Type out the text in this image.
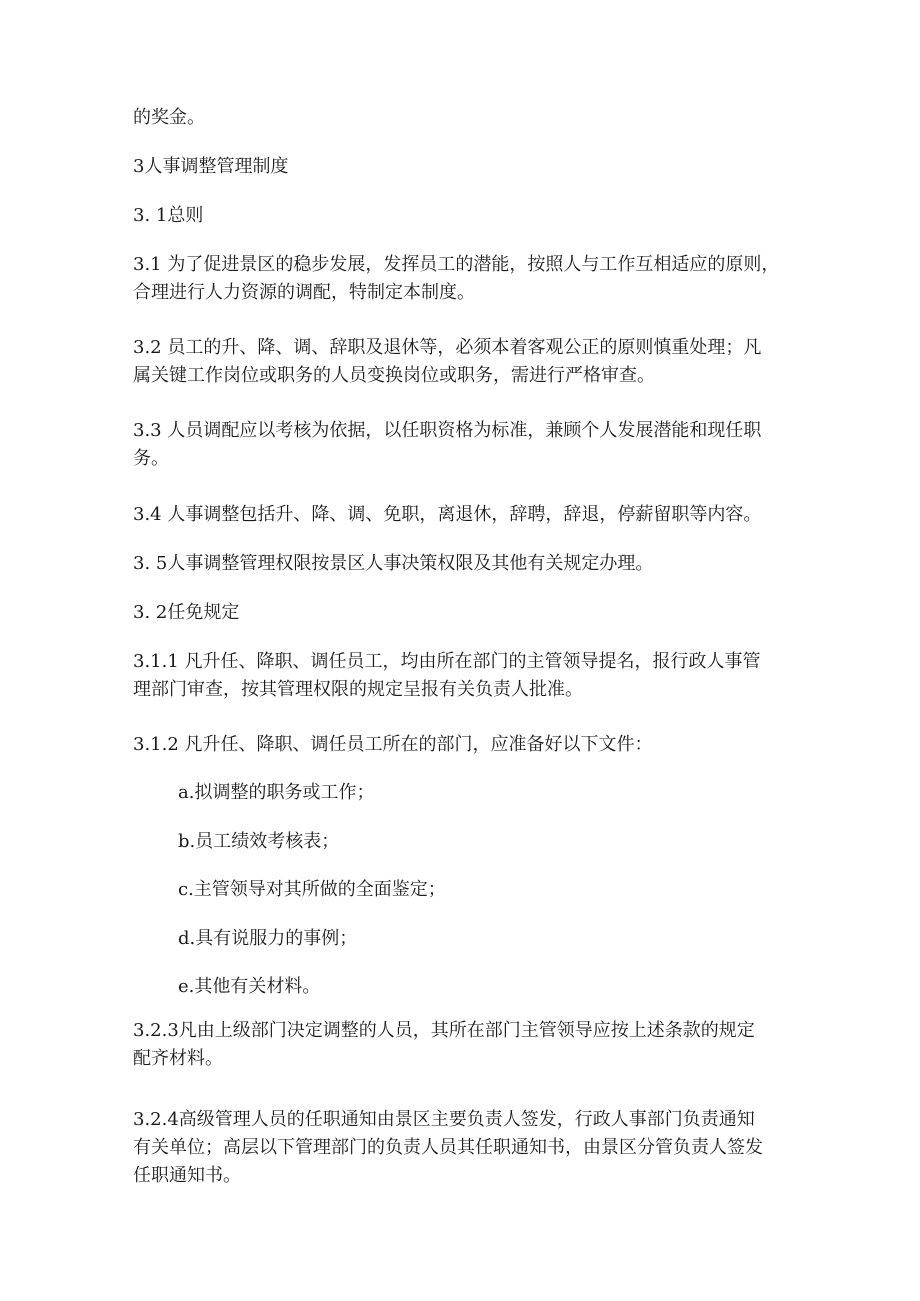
的奖金。

3人事调整管理制度

3. 1总则

3.1 为了促进景区的稳步发展，发挥员工的潜能，按照人与工作互相适应的原则，
合理进行人力资源的调配，特制定本制度。

3.2 员工的升、降、调、辞职及退休等，必须本着客观公正的原则慎重处理；凡
属关键工作岗位或职务的人员变换岗位或职务，需进行严格审查。

3.3 人员调配应以考核为依据，以任职资格为标准，兼顾个人发展潜能和现任职
务。

3.4 人事调整包括升、降、调、免职，离退休，辞聘，辞退，停薪留职等内容。

3. 5人事调整管理权限按景区人事决策权限及其他有关规定办理。

3. 2任免规定

3.1.1 凡升任、降职、调任员工，均由所在部门的主管领导提名，报行政人事管
理部门审查，按其管理权限的规定呈报有关负责人批准。

3.1.2 凡升任、降职、调任员工所在的部门，应准备好以下文件：

a.拟调整的职务或工作；

b.员工绩效考核表；

c.主管领导对其所做的全面鉴定；

d.具有说服力的事例；

e.其他有关材料。

3.2.3凡由上级部门决定调整的人员，其所在部门主管领导应按上述条款的规定
配齐材料。

3.2.4高级管理人员的任职通知由景区主要负责人签发，行政人事部门负责通知
有关单位；高层以下管理部门的负责人员其任职通知书，由景区分管负责人签发
任职通知书。
